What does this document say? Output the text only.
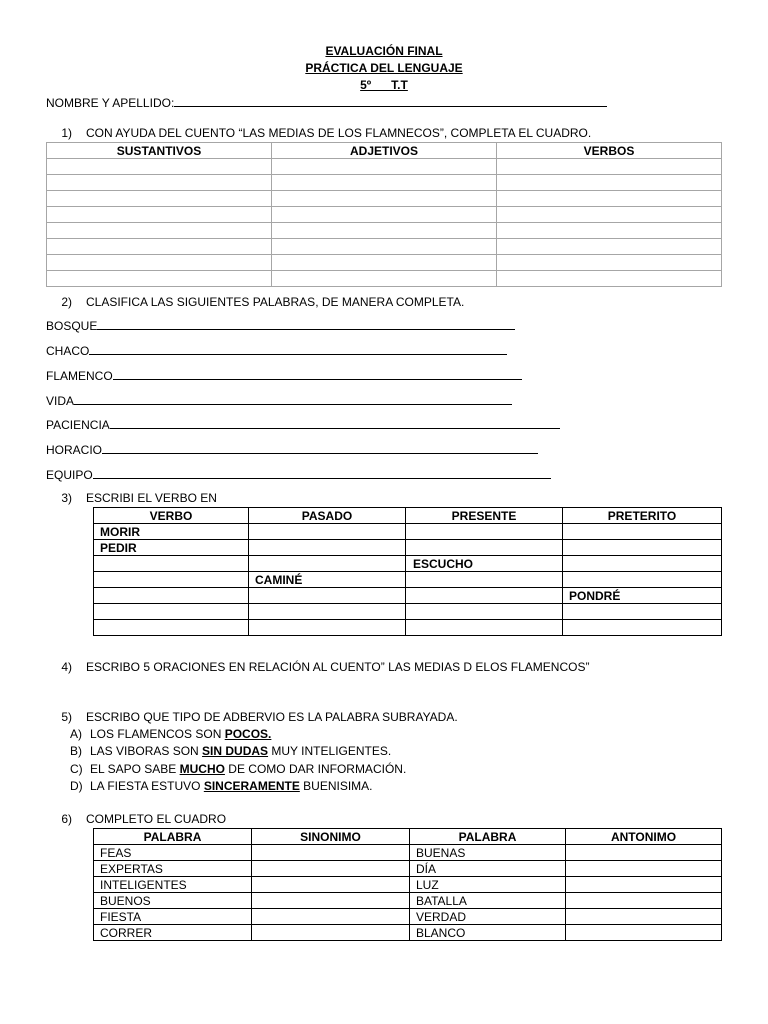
EVALUACIÓN FINAL
PRÁCTICA DEL LENGUAJE
5º      T.T
NOMBRE Y APELLIDO:
1) CON AYUDA DEL CUENTO “LAS MEDIAS DE LOS FLAMNECOS”, COMPLETA EL CUADRO.
SUSTANTIVOS	ADJETIVOS	VERBOS

2) CLASIFICA LAS SIGUIENTES PALABRAS, DE MANERA COMPLETA.
BOSQUE
CHACO
FLAMENCO
VIDA
PACIENCIA
HORACIO
EQUIPO
3) ESCRIBI EL VERBO EN
VERBO	PASADO	PRESENTE	PRETERITO
MORIR			
PEDIR			
		ESCUCHO	
	CAMINÉ		
			PONDRÉ

4) ESCRIBO 5 ORACIONES EN RELACIÓN AL CUENTO” LAS MEDIAS D ELOS FLAMENCOS”
5) ESCRIBO QUE TIPO DE ADBERVIO ES LA PALABRA SUBRAYADA.
A) LOS FLAMENCOS SON POCOS.
B) LAS VIBORAS SON SIN DUDAS MUY INTELIGENTES.
C) EL SAPO SABE MUCHO DE COMO DAR INFORMACIÓN.
D) LA FIESTA ESTUVO SINCERAMENTE BUENISIMA.
6) COMPLETO EL CUADRO
PALABRA	SINONIMO	PALABRA	ANTONIMO
FEAS		BUENAS	
EXPERTAS		DÍA	
INTELIGENTES		LUZ	
BUENOS		BATALLA	
FIESTA		VERDAD	
CORRER		BLANCO	
